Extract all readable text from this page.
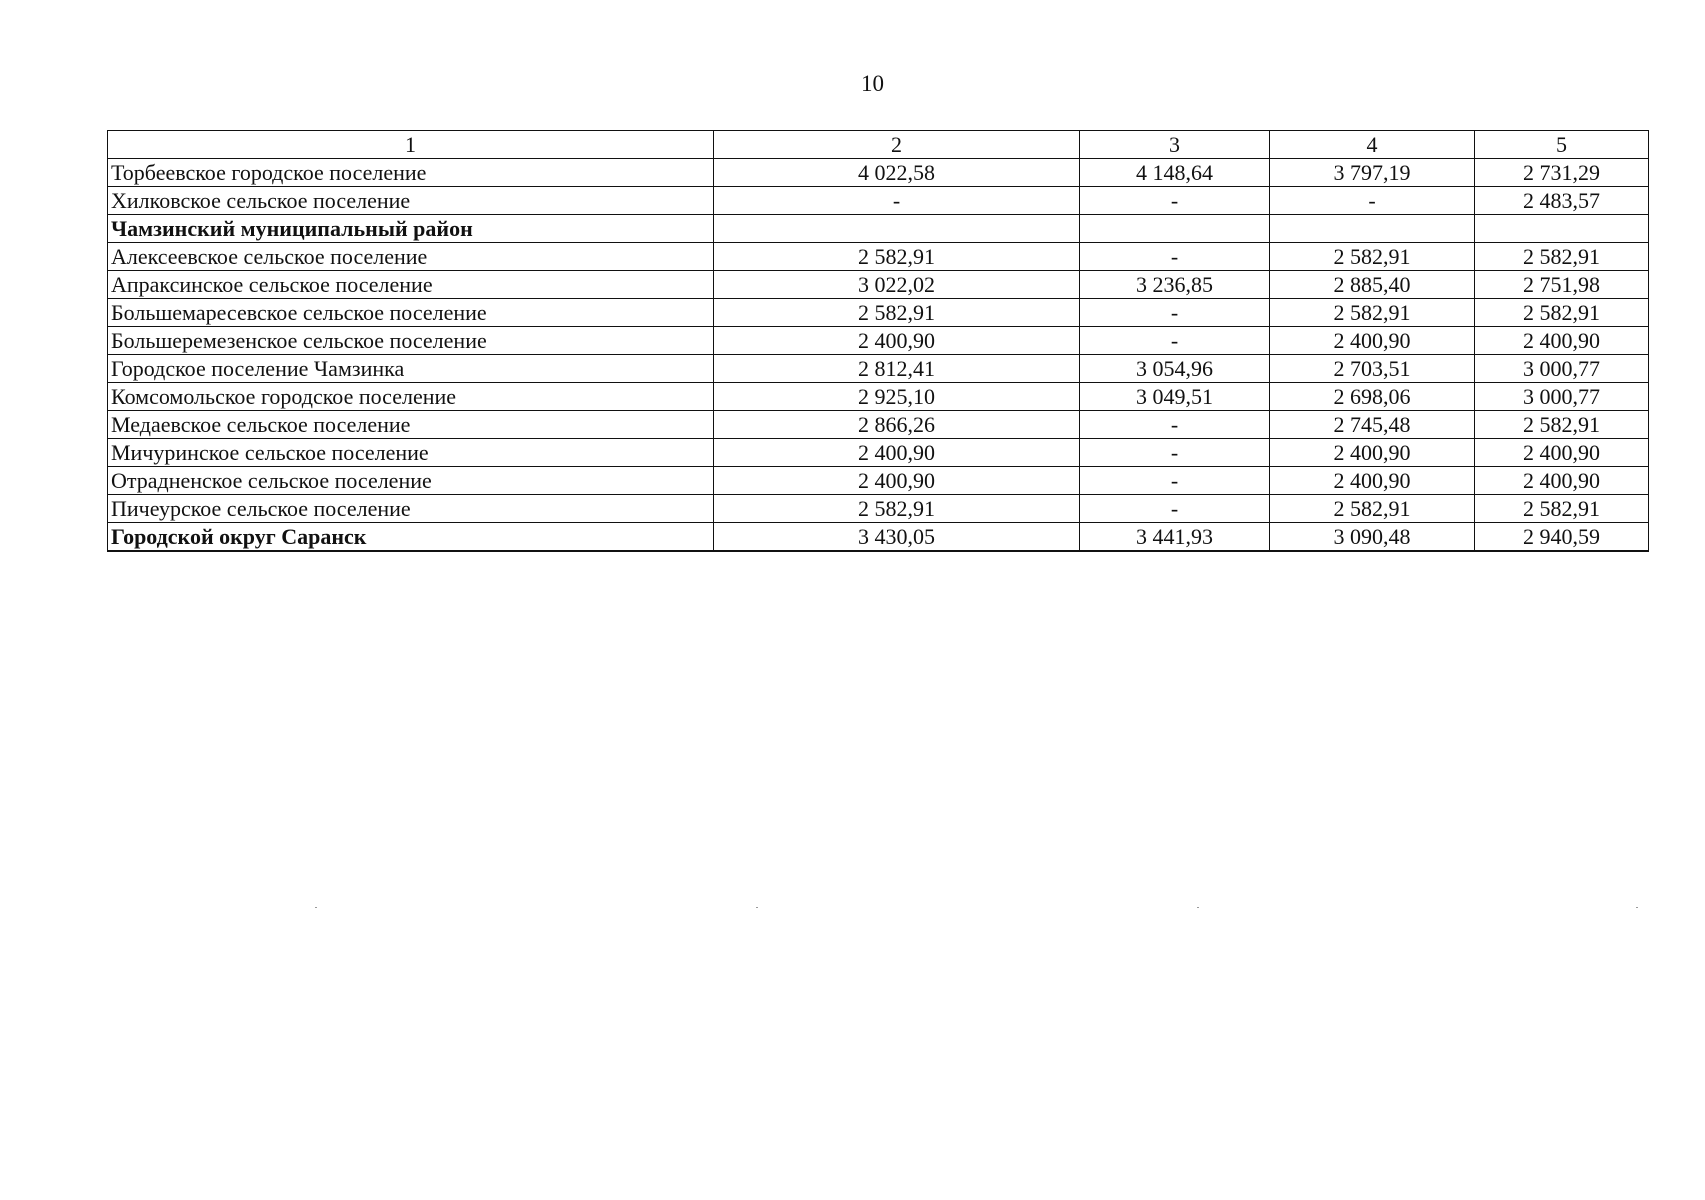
10
1	2	3	4	5
Торбеевское городское поселение	4 022,58	4 148,64	3 797,19	2 731,29
Хилковское сельское поселение	-	-	-	2 483,57
Чамзинский муниципальный район				
Алексеевское сельское поселение	2 582,91	-	2 582,91	2 582,91
Апраксинское сельское поселение	3 022,02	3 236,85	2 885,40	2 751,98
Большемаресевское сельское поселение	2 582,91	-	2 582,91	2 582,91
Большеремезенское сельское поселение	2 400,90	-	2 400,90	2 400,90
Городское поселение Чамзинка	2 812,41	3 054,96	2 703,51	3 000,77
Комсомольское городское поселение	2 925,10	3 049,51	2 698,06	3 000,77
Медаевское сельское поселение	2 866,26	-	2 745,48	2 582,91
Мичуринское сельское поселение	2 400,90	-	2 400,90	2 400,90
Отрадненское сельское поселение	2 400,90	-	2 400,90	2 400,90
Пичеурское сельское поселение	2 582,91	-	2 582,91	2 582,91
Городской округ Саранск	3 430,05	3 441,93	3 090,48	2 940,59
